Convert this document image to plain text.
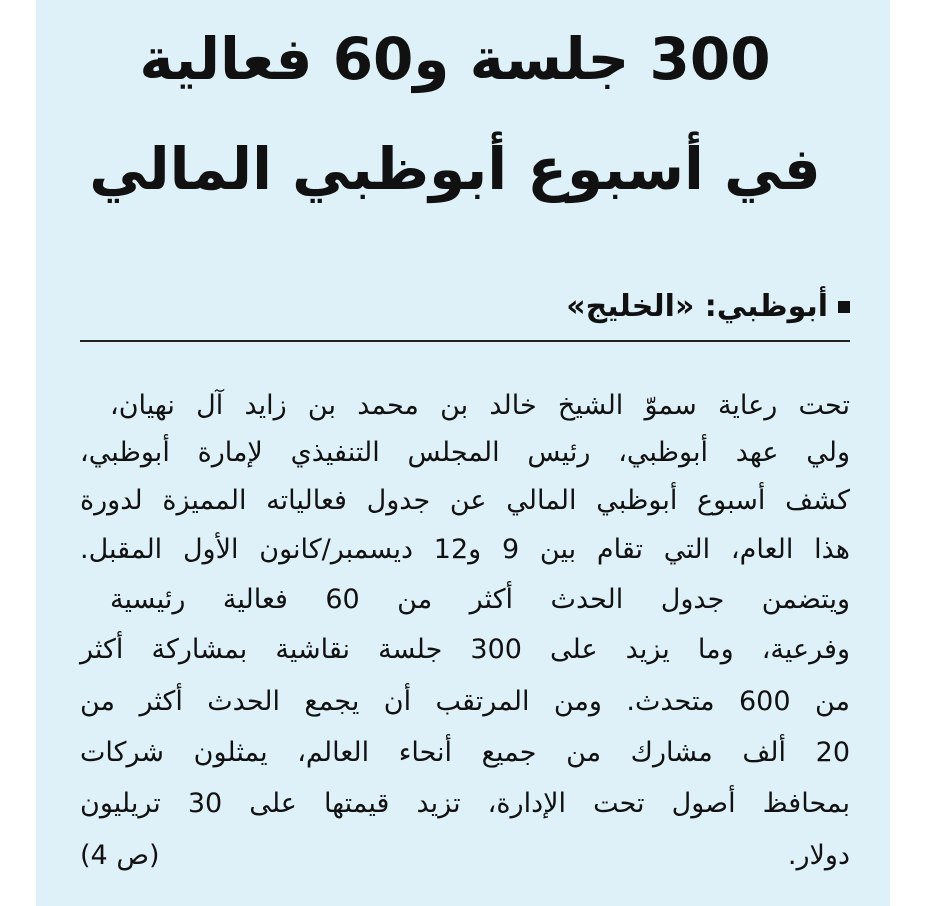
300 جلسة و60 فعالية
في أسبوع أبوظبي المالي
أبوظبي: «الخليج»
تحت رعاية سموّ الشيخ خالد بن محمد بن زايد آل نهيان،
ولي عهد أبوظبي، رئيس المجلس التنفيذي لإمارة أبوظبي،
كشف أسبوع أبوظبي المالي عن جدول فعالياته المميزة لدورة
هذا العام، التي تقام بين 9 و12 ديسمبر/كانون الأول المقبل.
ويتضمن جدول الحدث أكثر من 60 فعالية رئيسية
وفرعية، وما يزيد على 300 جلسة نقاشية بمشاركة أكثر
من 600 متحدث. ومن المرتقب أن يجمع الحدث أكثر من
20 ألف مشارك من جميع أنحاء العالم، يمثلون شركات
بمحافظ أصول تحت الإدارة، تزيد قيمتها على 30 تريليون
دولار.
(ص 4)
